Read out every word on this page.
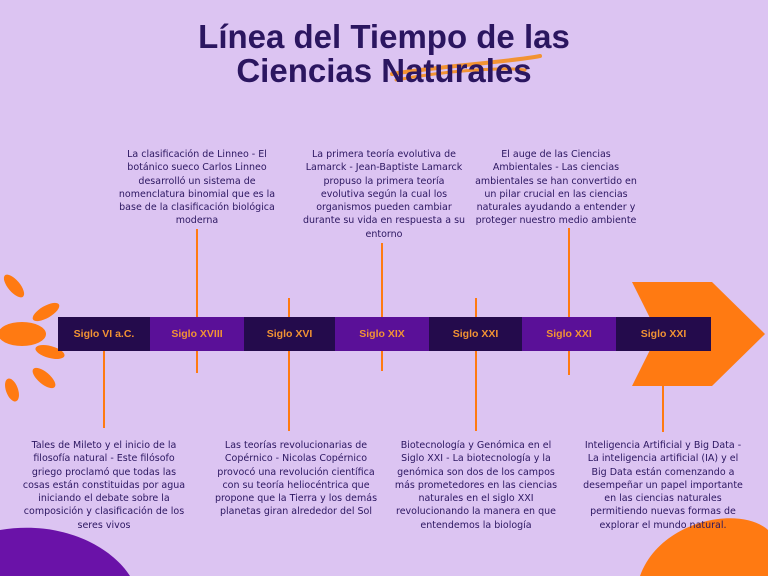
Línea del Tiempo de las
Ciencias Naturales
Siglo VI a.C.	Siglo XVIII	Siglo XVI	Siglo XIX	Siglo XXI	Siglo XXI	Siglo XXI

La clasificación de Linneo - El botánico sueco Carlos Linneo desarrolló un sistema de nomenclatura binomial que es la base de la clasificación biológica moderna

La primera teoría evolutiva de Lamarck - Jean-Baptiste Lamarck propuso la primera teoría evolutiva según la cual los organismos pueden cambiar durante su vida en respuesta a su entorno

El auge de las Ciencias Ambientales - Las ciencias ambientales se han convertido en un pilar crucial en las ciencias naturales ayudando a entender y proteger nuestro medio ambiente

Tales de Mileto y el inicio de la filosofía natural - Este filósofo griego proclamó que todas las cosas están constituidas por agua iniciando el debate sobre la composición y clasificación de los seres vivos

Las teorías revolucionarias de Copérnico - Nicolas Copérnico provocó una revolución científica con su teoría heliocéntrica que propone que la Tierra y los demás planetas giran alrededor del Sol

Biotecnología y Genómica en el Siglo XXI - La biotecnología y la genómica son dos de los campos más prometedores en las ciencias naturales en el siglo XXI revolucionando la manera en que entendemos la biología

Inteligencia Artificial y Big Data - La inteligencia artificial (IA) y el Big Data están comenzando a desempeñar un papel importante en las ciencias naturales permitiendo nuevas formas de explorar el mundo natural.
